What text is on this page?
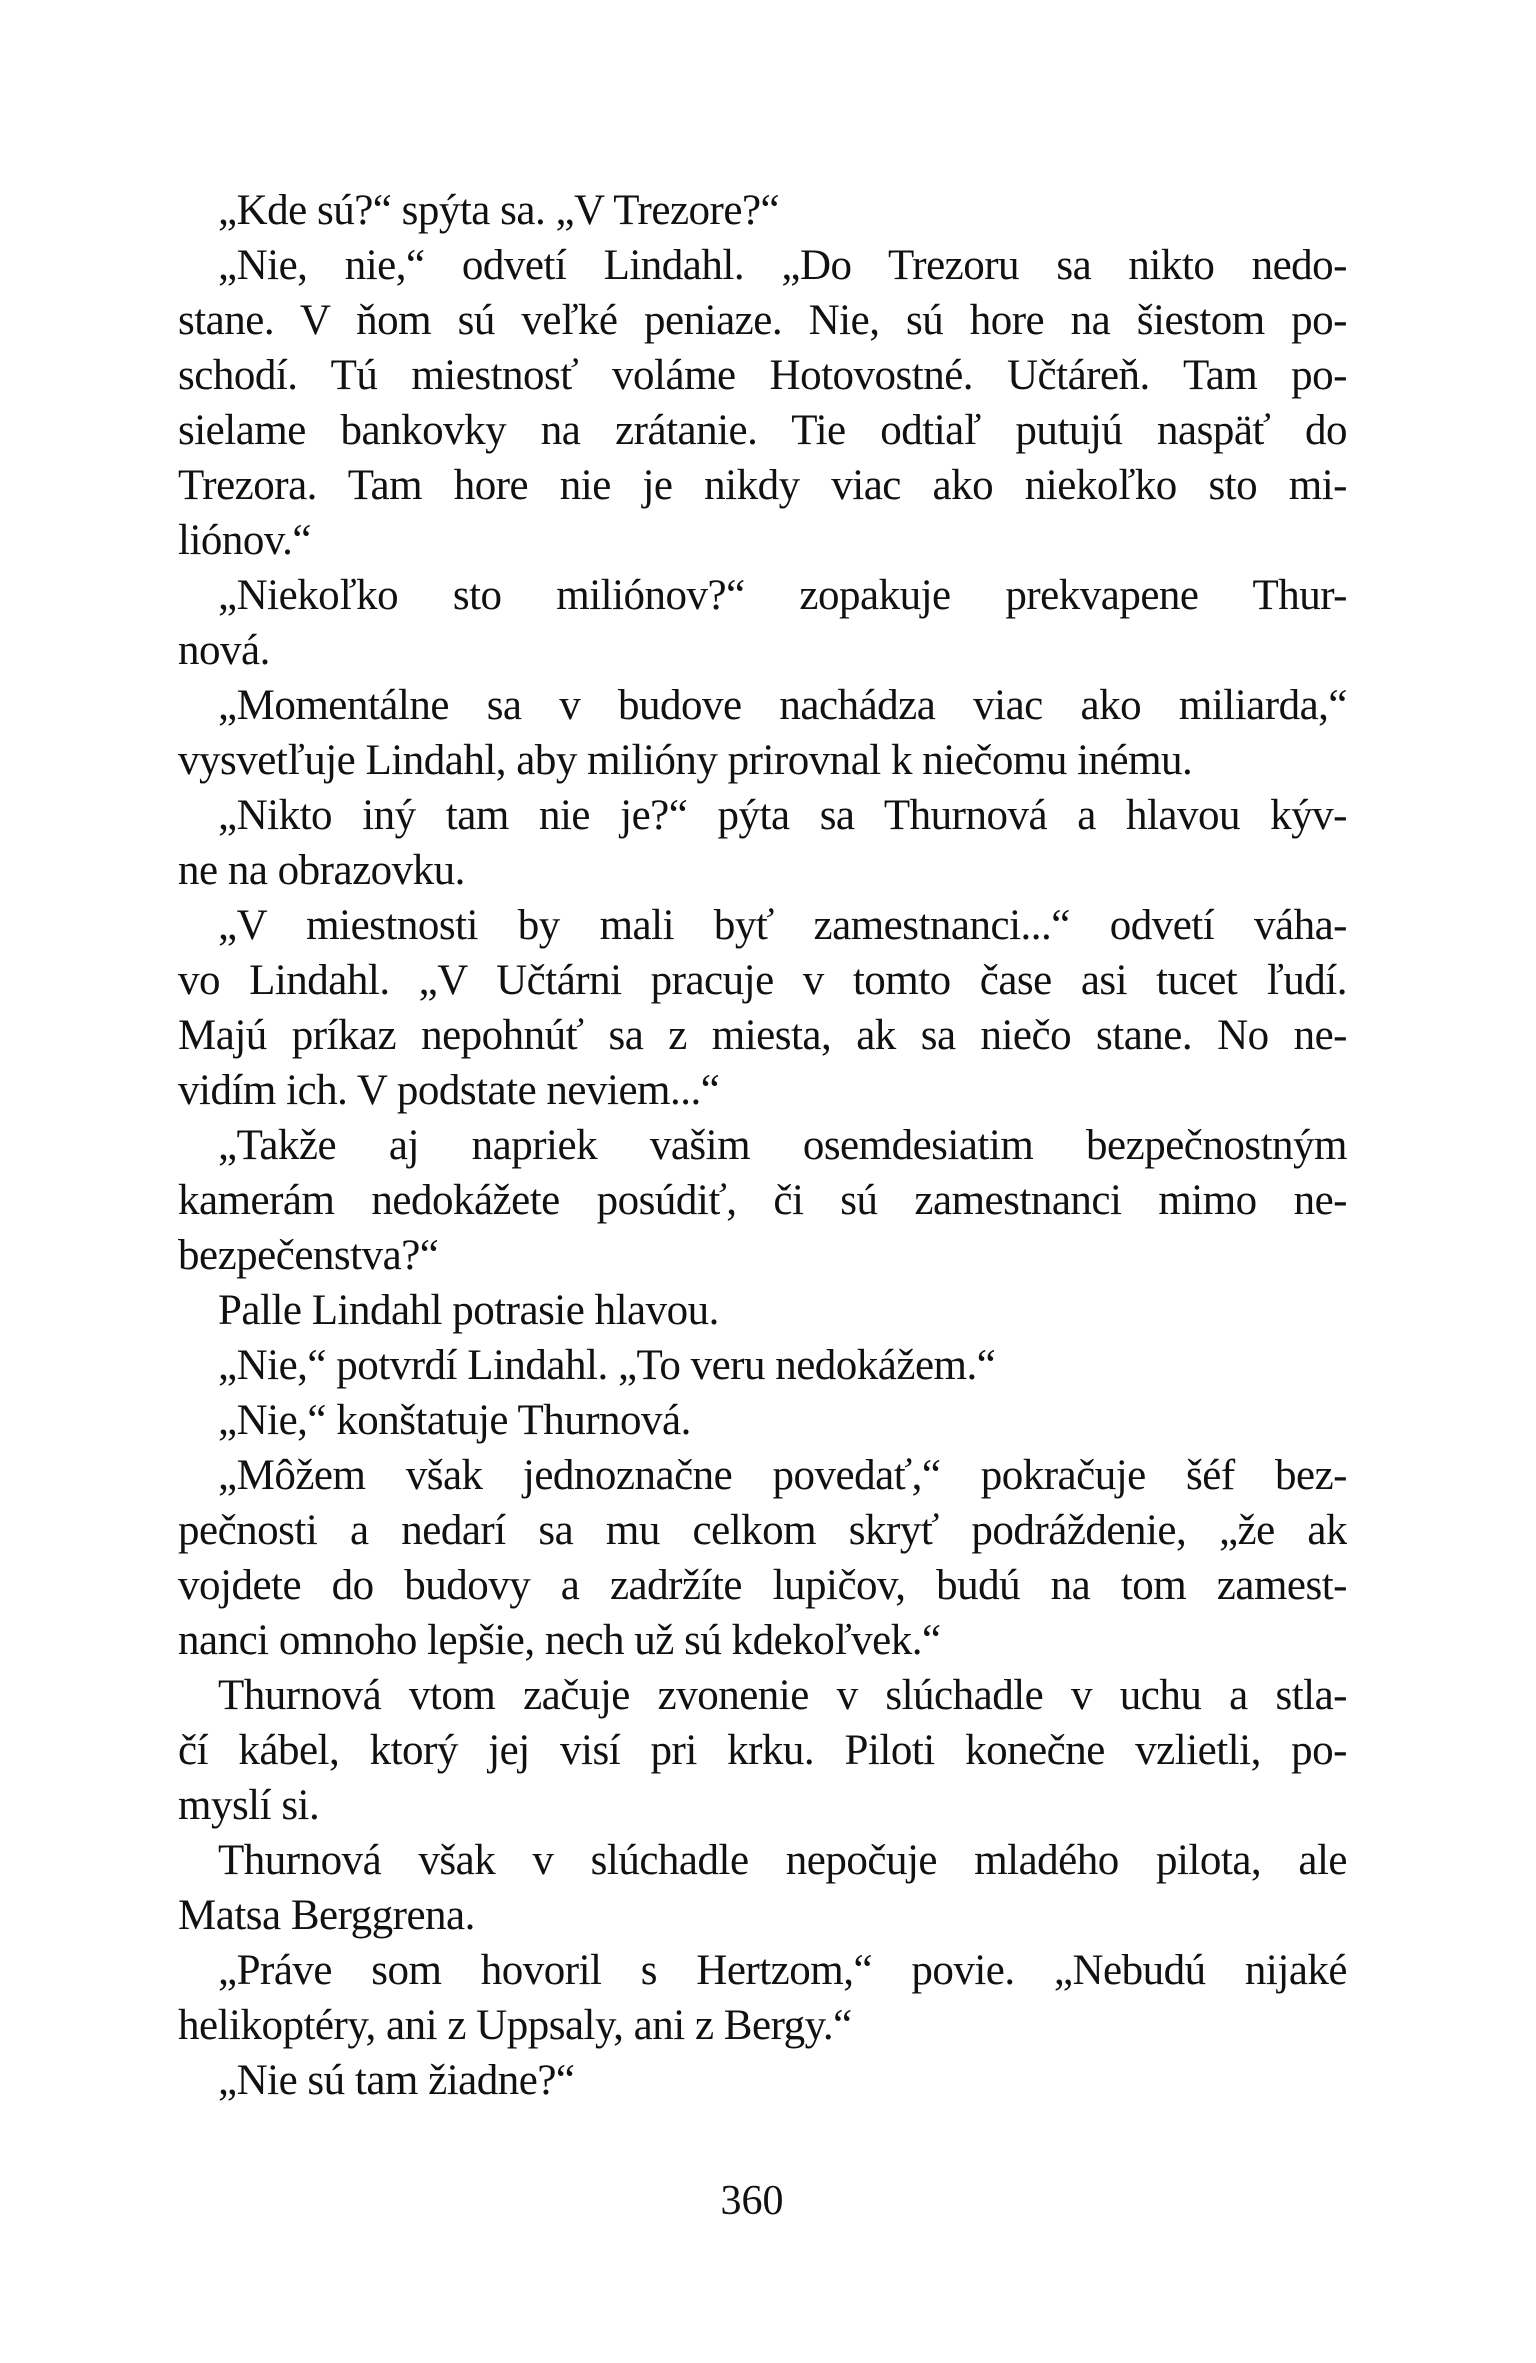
„Kde sú?“ spýta sa. „V Trezore?“
„Nie, nie,“ odvetí Lindahl. „Do Trezoru sa nikto nedo-
stane. V ňom sú veľké peniaze. Nie, sú hore na šiestom po-
schodí. Tú miestnosť voláme Hotovostné. Učtáreň. Tam po-
sielame bankovky na zrátanie. Tie odtiaľ putujú naspäť do
Trezora. Tam hore nie je nikdy viac ako niekoľko sto mi-
liónov.“
„Niekoľko sto miliónov?“ zopakuje prekvapene Thur-
nová.
„Momentálne sa v budove nachádza viac ako miliarda,“
vysvetľuje Lindahl, aby milióny prirovnal k niečomu inému.
„Nikto iný tam nie je?“ pýta sa Thurnová a hlavou kýv-
ne na obrazovku.
„V miestnosti by mali byť zamestnanci...“ odvetí váha-
vo Lindahl. „V Učtárni pracuje v tomto čase asi tucet ľudí.
Majú príkaz nepohnúť sa z miesta, ak sa niečo stane. No ne-
vidím ich. V podstate neviem...“
„Takže aj napriek vašim osemdesiatim bezpečnostným
kamerám nedokážete posúdiť, či sú zamestnanci mimo ne-
bezpečenstva?“
Palle Lindahl potrasie hlavou.
„Nie,“ potvrdí Lindahl. „To veru nedokážem.“
„Nie,“ konštatuje Thurnová.
„Môžem však jednoznačne povedať,“ pokračuje šéf bez-
pečnosti a nedarí sa mu celkom skryť podráždenie, „že ak
vojdete do budovy a zadržíte lupičov, budú na tom zamest-
nanci omnoho lepšie, nech už sú kdekoľvek.“
Thurnová vtom začuje zvonenie v slúchadle v uchu a stla-
čí kábel, ktorý jej visí pri krku. Piloti konečne vzlietli, po-
myslí si.
Thurnová však v slúchadle nepočuje mladého pilota, ale
Matsa Berggrena.
„Práve som hovoril s Hertzom,“ povie. „Nebudú nijaké
helikoptéry, ani z Uppsaly, ani z Bergy.“
„Nie sú tam žiadne?“
360
